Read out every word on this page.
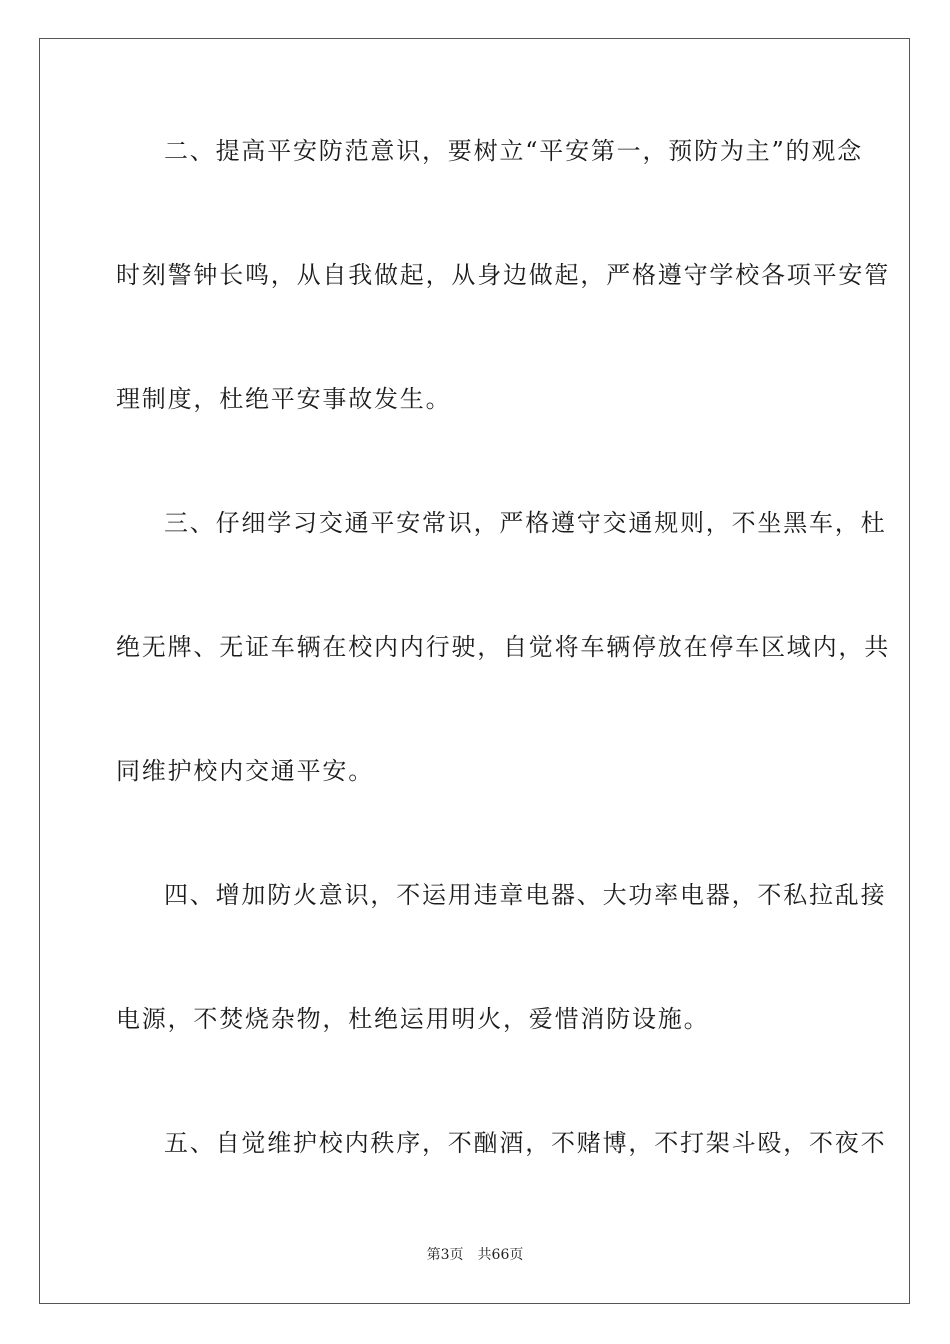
二、提高平安防范意识，要树立“平安第一，预防为主”的观念
时刻警钟长鸣，从自我做起，从身边做起，严格遵守学校各项平安管
理制度，杜绝平安事故发生。
三、仔细学习交通平安常识，严格遵守交通规则，不坐黑车，杜
绝无牌、无证车辆在校内内行驶，自觉将车辆停放在停车区域内，共
同维护校内交通平安。
四、增加防火意识，不运用违章电器、大功率电器，不私拉乱接
电源，不焚烧杂物，杜绝运用明火，爱惜消防设施。
五、自觉维护校内秩序，不酗酒，不赌博，不打架斗殴，不夜不
第3页 共66页
